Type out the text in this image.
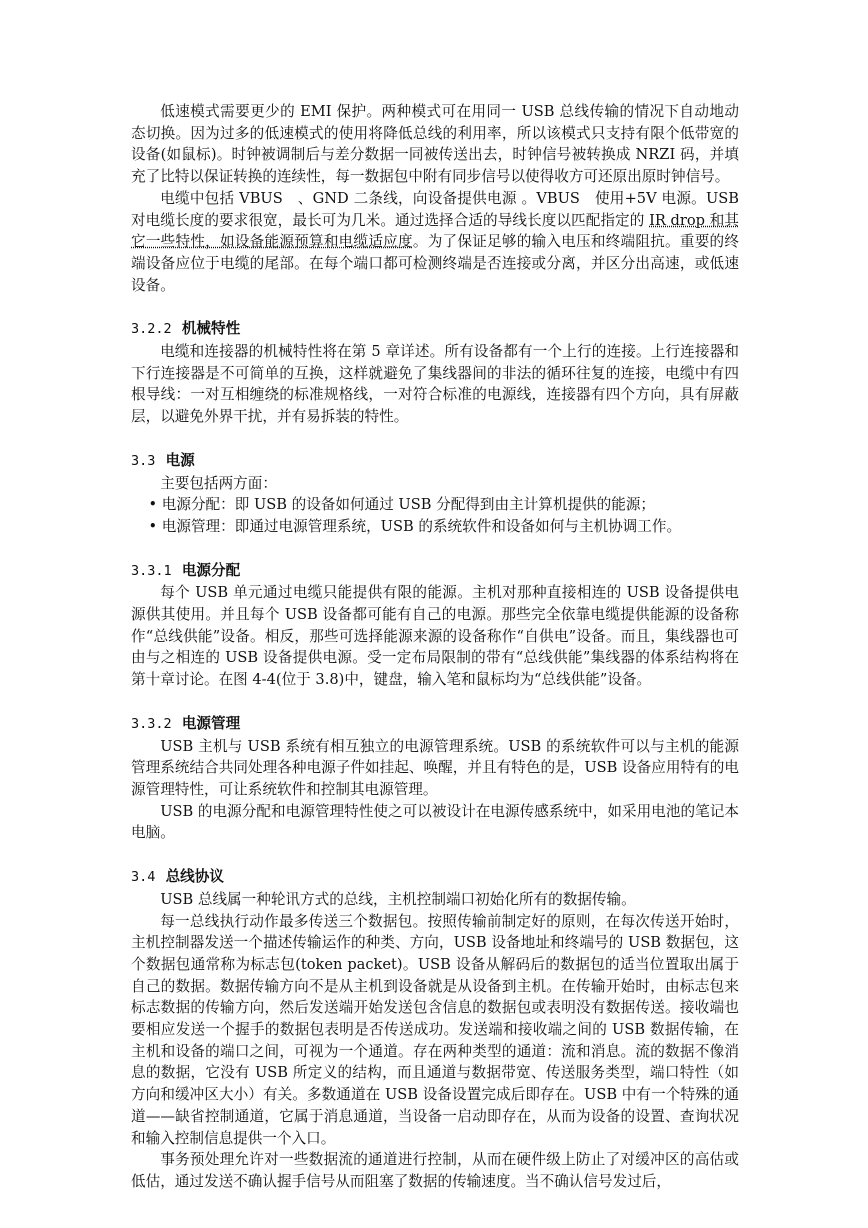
低速模式需要更少的 EMI 保护。两种模式可在用同一 USB 总线传输的情况下自动地动态切换。因为过多的低速模式的使用将降低总线的利用率，所以该模式只支持有限个低带宽的设备(如鼠标)。时钟被调制后与差分数据一同被传送出去，时钟信号被转换成 NRZI 码，并填充了比特以保证转换的连续性，每一数据包中附有同步信号以使得收方可还原出原时钟信号。

电缆中包括 VBUS　、GND 二条线，向设备提供电源 。VBUS　使用+5V 电源。USB 对电缆长度的要求很宽，最长可为几米。通过选择合适的导线长度以匹配指定的 IR drop 和其它一些特性，如设备能源预算和电缆适应度。为了保证足够的输入电压和终端阻抗。重要的终端设备应位于电缆的尾部。在每个端口都可检测终端是否连接或分离，并区分出高速，或低速设备。

3.2.2 机械特性

电缆和连接器的机械特性将在第 5 章详述。所有设备都有一个上行的连接。上行连接器和下行连接器是不可简单的互换，这样就避免了集线器间的非法的循环往复的连接，电缆中有四根导线：一对互相缠绕的标准规格线，一对符合标准的电源线，连接器有四个方向，具有屏蔽层，以避免外界干扰，并有易拆装的特性。

3.3 电源

主要包括两方面：

• 电源分配：即 USB 的设备如何通过 USB 分配得到由主计算机提供的能源；

• 电源管理：即通过电源管理系统，USB 的系统软件和设备如何与主机协调工作。

3.3.1 电源分配

每个 USB 单元通过电缆只能提供有限的能源。主机对那种直接相连的 USB 设备提供电源供其使用。并且每个 USB 设备都可能有自己的电源。那些完全依靠电缆提供能源的设备称作“总线供能”设备。相反，那些可选择能源来源的设备称作“自供电”设备。而且，集线器也可由与之相连的 USB 设备提供电源。受一定布局限制的带有“总线供能”集线器的体系结构将在第十章讨论。在图 4-4(位于 3.8)中，键盘，输入笔和鼠标均为“总线供能”设备。

3.3.2 电源管理

USB 主机与 USB 系统有相互独立的电源管理系统。USB 的系统软件可以与主机的能源管理系统结合共同处理各种电源子件如挂起、唤醒，并且有特色的是，USB 设备应用特有的电源管理特性，可让系统软件和控制其电源管理。

USB 的电源分配和电源管理特性使之可以被设计在电源传感系统中，如采用电池的笔记本电脑。

3.4 总线协议

USB 总线属一种轮讯方式的总线，主机控制端口初始化所有的数据传输。

每一总线执行动作最多传送三个数据包。按照传输前制定好的原则，在每次传送开始时，主机控制器发送一个描述传输运作的种类、方向，USB 设备地址和终端号的 USB 数据包，这个数据包通常称为标志包(token packet)。USB 设备从解码后的数据包的适当位置取出属于自己的数据。数据传输方向不是从主机到设备就是从设备到主机。在传输开始时，由标志包来标志数据的传输方向，然后发送端开始发送包含信息的数据包或表明没有数据传送。接收端也要相应发送一个握手的数据包表明是否传送成功。发送端和接收端之间的 USB 数据传输，在主机和设备的端口之间，可视为一个通道。存在两种类型的通道：流和消息。流的数据不像消息的数据，它没有 USB 所定义的结构，而且通道与数据带宽、传送服务类型，端口特性（如方向和缓冲区大小）有关。多数通道在 USB 设备设置完成后即存在。USB 中有一个特殊的通道——缺省控制通道，它属于消息通道，当设备一启动即存在，从而为设备的设置、查询状况和输入控制信息提供一个入口。

事务预处理允许对一些数据流的通道进行控制，从而在硬件级上防止了对缓冲区的高估或低估，通过发送不确认握手信号从而阻塞了数据的传输速度。当不确认信号发过后，
